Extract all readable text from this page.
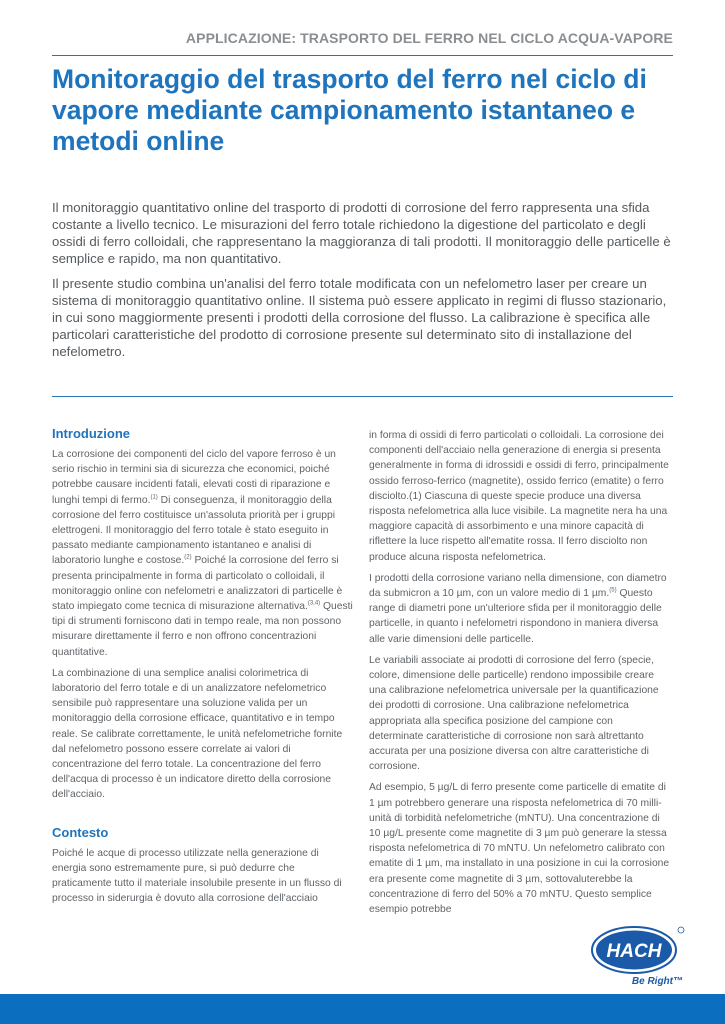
APPLICAZIONE: TRASPORTO DEL FERRO NEL CICLO ACQUA-VAPORE
Monitoraggio del trasporto del ferro nel ciclo di vapore mediante campionamento istantaneo e metodi online

Il monitoraggio quantitativo online del trasporto di prodotti di corrosione del ferro rappresenta una sfida costante a livello tecnico. Le misurazioni del ferro totale richiedono la digestione del particolato e degli ossidi di ferro colloidali, che rappresentano la maggioranza di tali prodotti. Il monitoraggio delle particelle è semplice e rapido, ma non quantitativo.

Il presente studio combina un'analisi del ferro totale modificata con un nefelometro laser per creare un sistema di monitoraggio quantitativo online. Il sistema può essere applicato in regimi di flusso stazionario, in cui sono maggiormente presenti i prodotti della corrosione del flusso. La calibrazione è specifica alle particolari caratteristiche del prodotto di corrosione presente sul determinato sito di installazione del nefelometro.

Introduzione

La corrosione dei componenti del ciclo del vapore ferroso è un serio rischio in termini sia di sicurezza che economici, poiché potrebbe causare incidenti fatali, elevati costi di riparazione e lunghi tempi di fermo.$^{(1)}$ Di conseguenza, il monitoraggio della corrosione del ferro costituisce un'assoluta priorità per i gruppi elettrogeni. Il monitoraggio del ferro totale è stato eseguito in passato mediante campionamento istantaneo e analisi di laboratorio lunghe e costose.$^{(2)}$ Poiché la corrosione del ferro si presenta principalmente in forma di particolato o colloidali, il monitoraggio online con nefelometri e analizzatori di particelle è stato impiegato come tecnica di misurazione alternativa.$^{(3,4)}$ Questi tipi di strumenti forniscono dati in tempo reale, ma non possono misurare direttamente il ferro e non offrono concentrazioni quantitative.

La combinazione di una semplice analisi colorimetrica di laboratorio del ferro totale e di un analizzatore nefelometrico sensibile può rappresentare una soluzione valida per un monitoraggio della corrosione efficace, quantitativo e in tempo reale. Se calibrate correttamente, le unità nefelometriche fornite dal nefelometro possono essere correlate ai valori di concentrazione del ferro totale. La concentrazione del ferro dell'acqua di processo è un indicatore diretto della corrosione dell'acciaio.

Contesto

Poiché le acque di processo utilizzate nella generazione di energia sono estremamente pure, si può dedurre che praticamente tutto il materiale insolubile presente in un flusso di processo in siderurgia è dovuto alla corrosione dell'acciaio

in forma di ossidi di ferro particolati o colloidali. La corrosione dei componenti dell'acciaio nella generazione di energia si presenta generalmente in forma di idrossidi e ossidi di ferro, principalmente ossido ferroso-ferrico (magnetite), ossido ferrico (ematite) o ferro disciolto.(1) Ciascuna di queste specie produce una diversa risposta nefelometrica alla luce visibile. La magnetite nera ha una maggiore capacità di assorbimento e una minore capacità di riflettere la luce rispetto all'ematite rossa. Il ferro disciolto non produce alcuna risposta nefelometrica.

I prodotti della corrosione variano nella dimensione, con diametro da submicron a 10 µm, con un valore medio di 1 µm.$^{(5)}$ Questo range di diametri pone un'ulteriore sfida per il monitoraggio delle particelle, in quanto i nefelometri rispondono in maniera diversa alle varie dimensioni delle particelle.

Le variabili associate ai prodotti di corrosione del ferro (specie, colore, dimensione delle particelle) rendono impossibile creare una calibrazione nefelometrica universale per la quantificazione dei prodotti di corrosione. Una calibrazione nefelometrica appropriata alla specifica posizione del campione con determinate caratteristiche di corrosione non sarà altrettanto accurata per una posizione diversa con altre caratteristiche di corrosione.

Ad esempio, 5 µg/L di ferro presente come particelle di ematite di 1 µm potrebbero generare una risposta nefelometrica di 70 milli-unità di torbidità nefelometriche (mNTU). Una concentrazione di 10 µg/L presente come magnetite di 3 µm può generare la stessa risposta nefelometrica di 70 mNTU. Un nefelometro calibrato con ematite di 1 µm, ma installato in una posizione in cui la corrosione era presente come magnetite di 3 µm, sottovaluterebbe la concentrazione di ferro del 50% a 70 mNTU. Questo semplice esempio potrebbe

HACH
Be Right™
